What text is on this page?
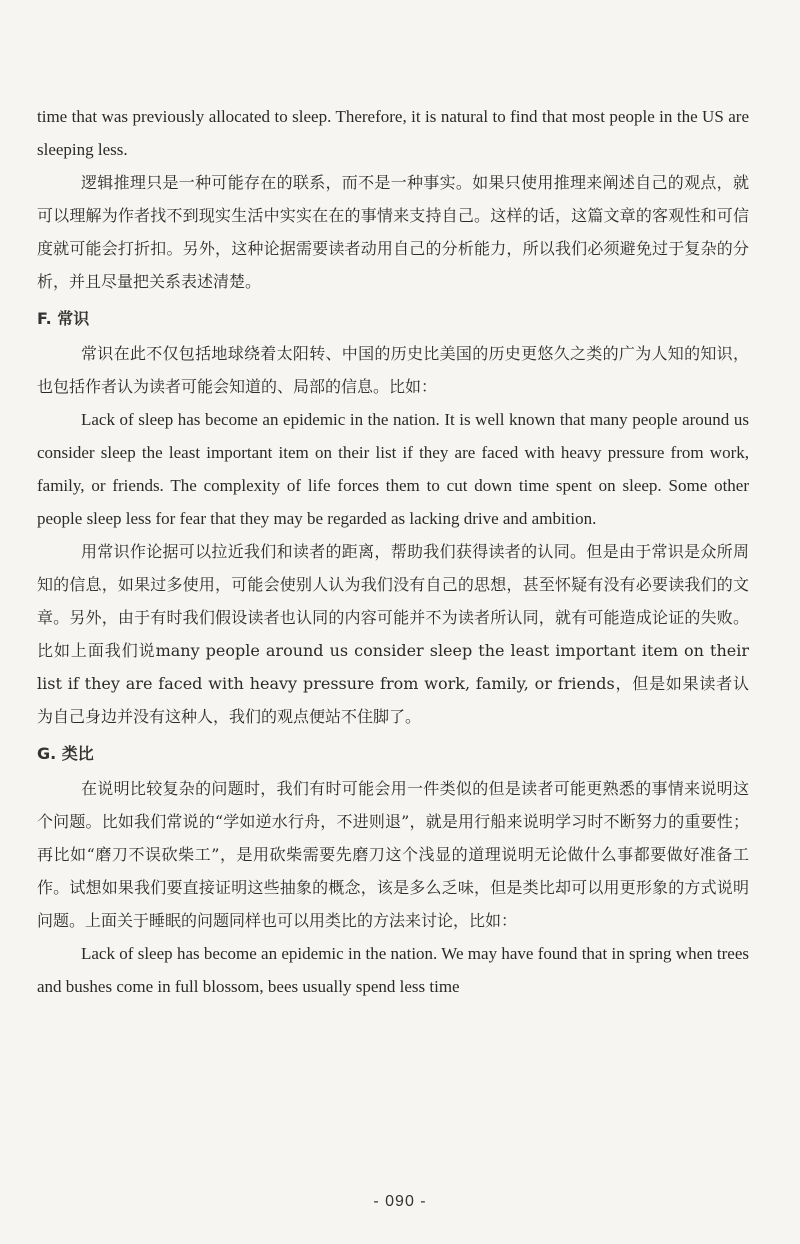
time that was previously allocated to sleep. Therefore, it is natural to find that most people in the US are sleeping less.

逻辑推理只是一种可能存在的联系，而不是一种事实。如果只使用推理来阐述自己的观点，就可以理解为作者找不到现实生活中实实在在的事情来支持自己。这样的话，这篇文章的客观性和可信度就可能会打折扣。另外，这种论据需要读者动用自己的分析能力，所以我们必须避免过于复杂的分析，并且尽量把关系表述清楚。

F. 常识

常识在此不仅包括地球绕着太阳转、中国的历史比美国的历史更悠久之类的广为人知的知识，也包括作者认为读者可能会知道的、局部的信息。比如：

Lack of sleep has become an epidemic in the nation. It is well known that many people around us consider sleep the least important item on their list if they are faced with heavy pressure from work, family, or friends. The complexity of life forces them to cut down time spent on sleep. Some other people sleep less for fear that they may be regarded as lacking drive and ambition.

用常识作论据可以拉近我们和读者的距离，帮助我们获得读者的认同。但是由于常识是众所周知的信息，如果过多使用，可能会使别人认为我们没有自己的思想，甚至怀疑有没有必要读我们的文章。另外，由于有时我们假设读者也认同的内容可能并不为读者所认同，就有可能造成论证的失败。比如上面我们说many people around us consider sleep the least important item on their list if they are faced with heavy pressure from work, family, or friends，但是如果读者认为自己身边并没有这种人，我们的观点便站不住脚了。

G. 类比

在说明比较复杂的问题时，我们有时可能会用一件类似的但是读者可能更熟悉的事情来说明这个问题。比如我们常说的“学如逆水行舟，不进则退”，就是用行船来说明学习时不断努力的重要性；再比如“磨刀不误砍柴工”，是用砍柴需要先磨刀这个浅显的道理说明无论做什么事都要做好准备工作。试想如果我们要直接证明这些抽象的概念，该是多么乏味，但是类比却可以用更形象的方式说明问题。上面关于睡眠的问题同样也可以用类比的方法来讨论，比如：

Lack of sleep has become an epidemic in the nation. We may have found that in spring when trees and bushes come in full blossom, bees usually spend less time

- 090 -
